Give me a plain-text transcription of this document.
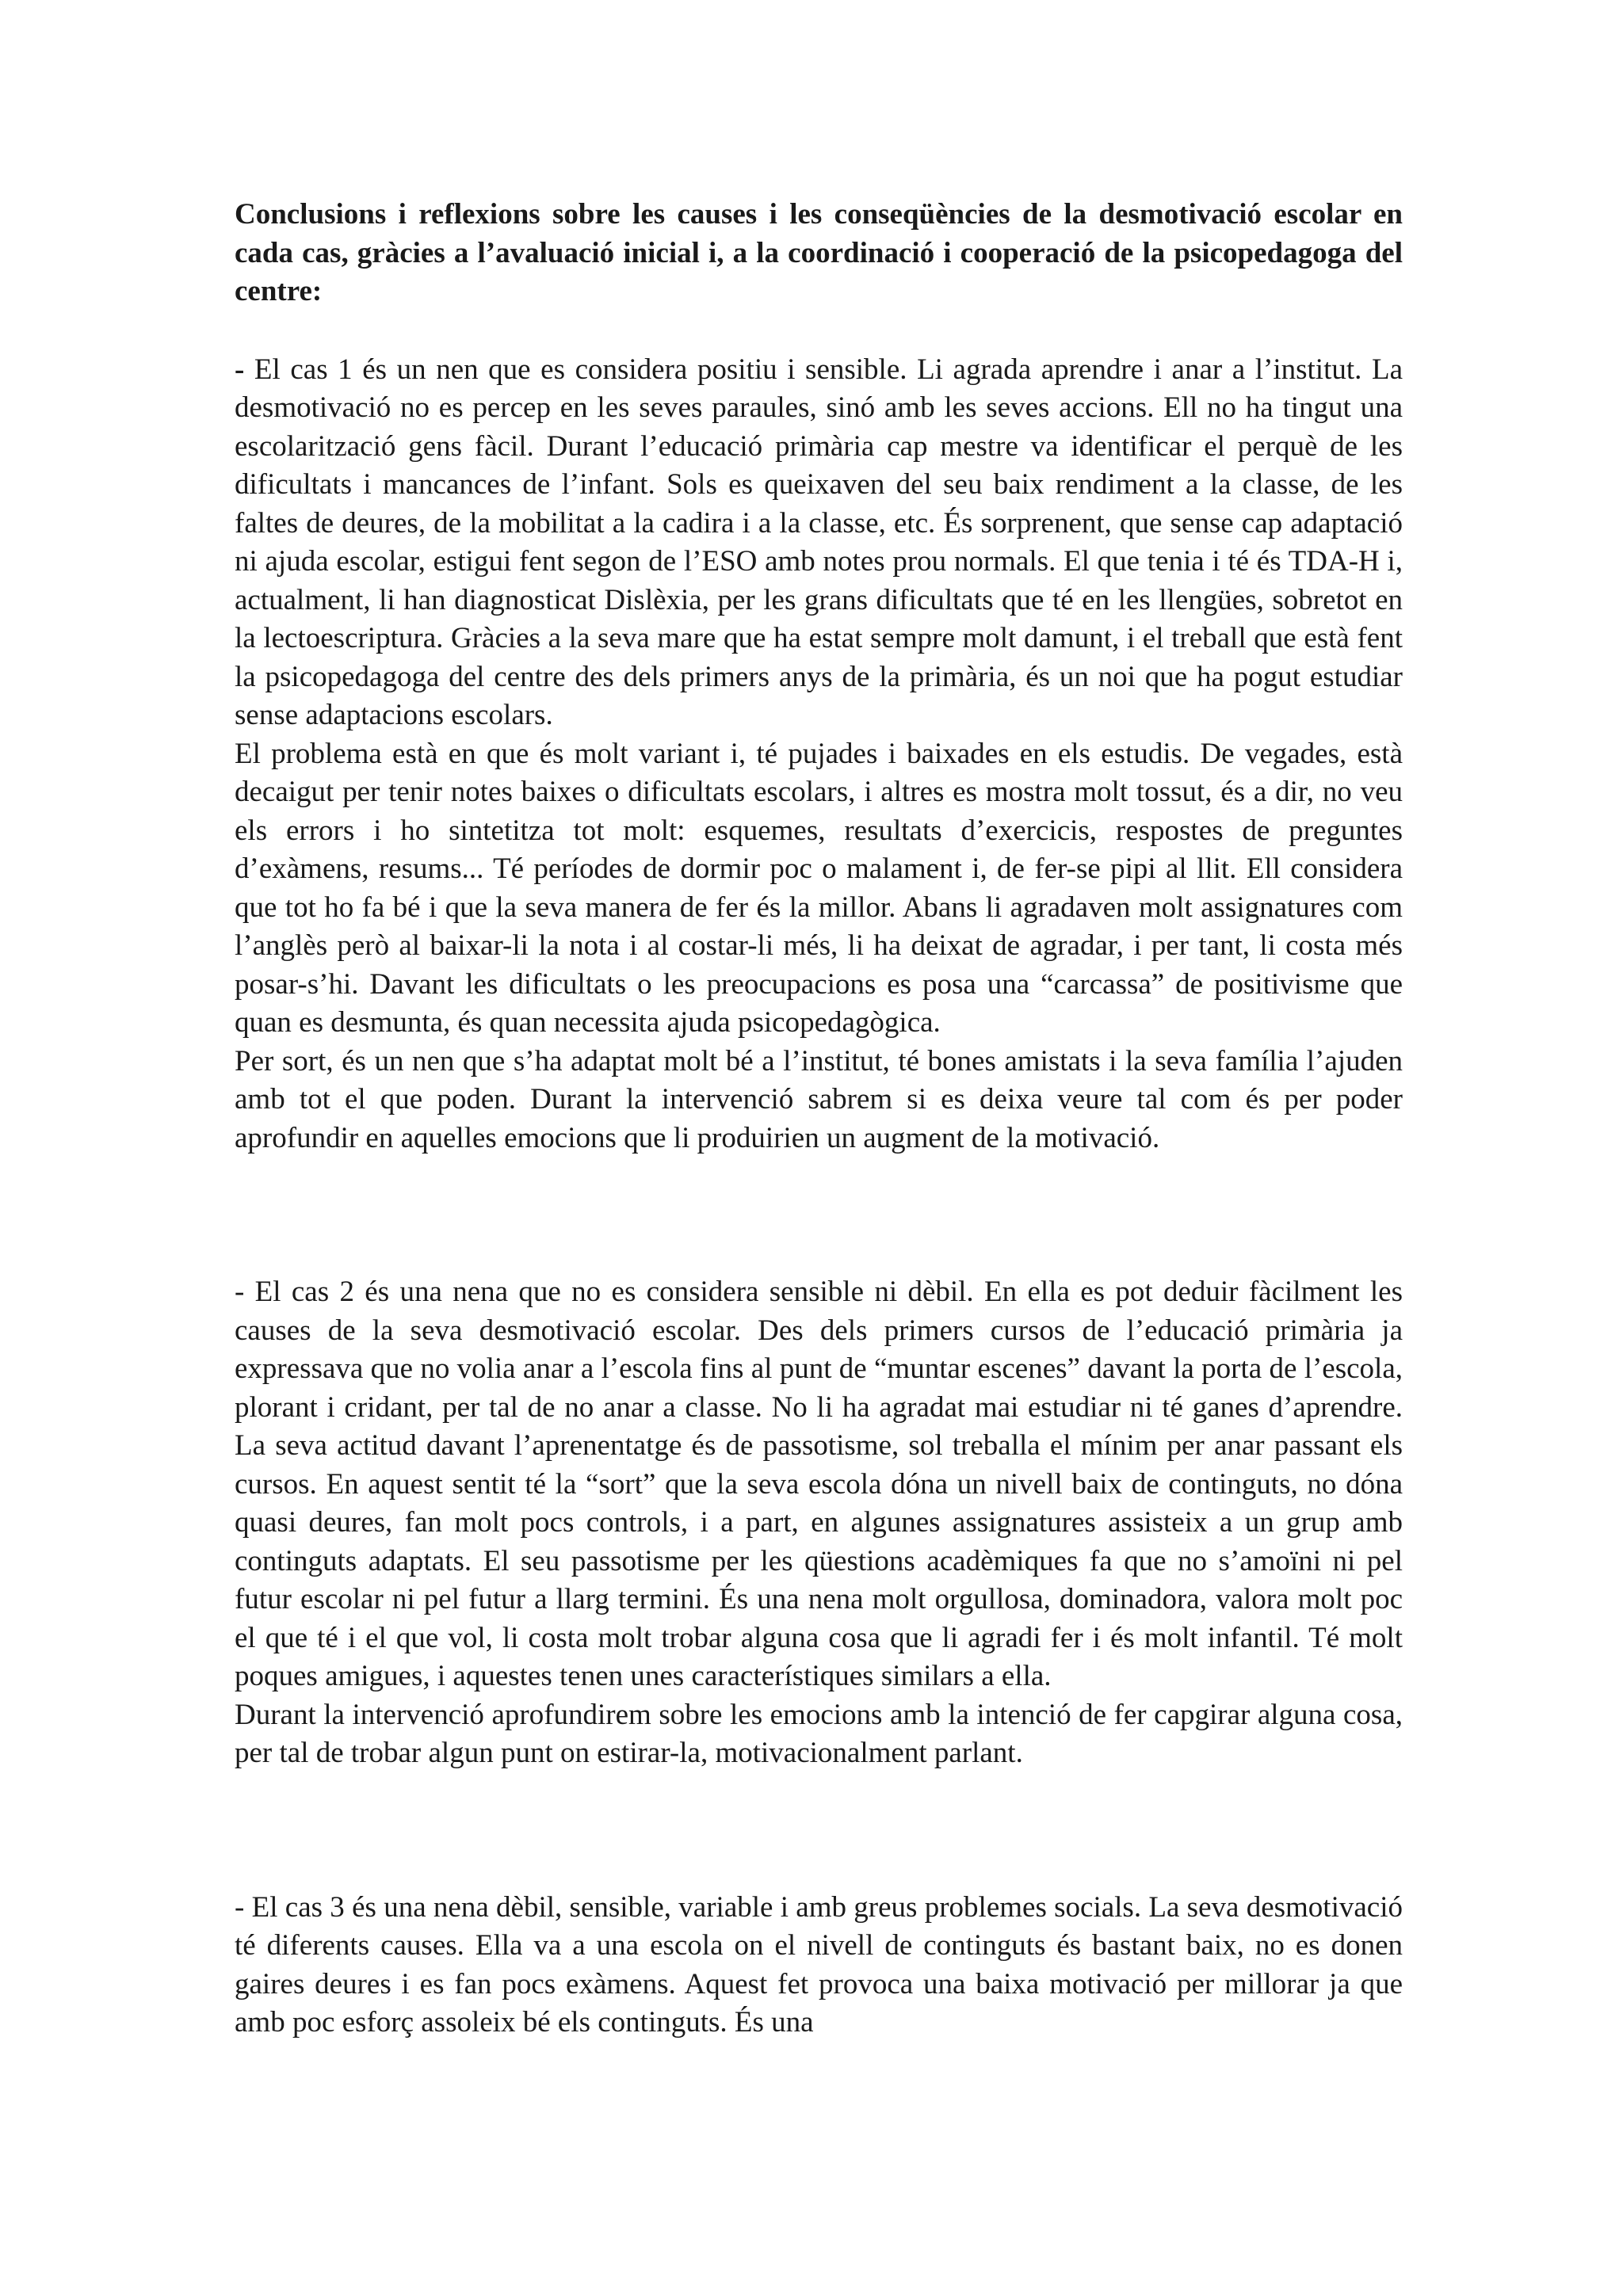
Conclusions i reflexions sobre les causes i les conseqüències de la desmotivació escolar en cada cas, gràcies a l’avaluació inicial i, a la coordinació i cooperació de la psicopedagoga del centre:

- El cas 1 és un nen que es considera positiu i sensible. Li agrada aprendre i anar a l’institut. La desmotivació no es percep en les seves paraules, sinó amb les seves accions. Ell no ha tingut una escolarització gens fàcil. Durant l’educació primària cap mestre va identificar el perquè de les dificultats i mancances de l’infant. Sols es queixaven del seu baix rendiment a la classe, de les faltes de deures, de la mobilitat a la cadira i a la classe, etc. És sorprenent, que sense cap adaptació ni ajuda escolar, estigui fent segon de l’ESO amb notes prou normals. El que tenia i té és TDA-H i, actualment, li han diagnosticat Dislèxia, per les grans dificultats que té en les llengües, sobretot en la lectoescriptura. Gràcies a la seva mare que ha estat sempre molt damunt, i el treball que està fent la psicopedagoga del centre des dels primers anys de la primària, és un noi que ha pogut estudiar sense adaptacions escolars.

El problema està en que és molt variant i, té pujades i baixades en els estudis. De vegades, està decaigut per tenir notes baixes o dificultats escolars, i altres es mostra molt tossut, és a dir, no veu els errors i ho sintetitza tot molt: esquemes, resultats d’exercicis, respostes de preguntes d’exàmens, resums... Té períodes de dormir poc o malament i, de fer-se pipi al llit. Ell considera que tot ho fa bé i que la seva manera de fer és la millor. Abans li agradaven molt assignatures com l’anglès però al baixar-li la nota i al costar-li més, li ha deixat de agradar, i per tant, li costa més posar-s’hi. Davant les dificultats o les preocupacions es posa una “carcassa” de positivisme que quan es desmunta, és quan necessita ajuda psicopedagògica.

Per sort, és un nen que s’ha adaptat molt bé a l’institut, té bones amistats i la seva família l’ajuden amb tot el que poden. Durant la intervenció sabrem si es deixa veure tal com és per poder aprofundir en aquelles emocions que li produirien un augment de la motivació.

- El cas 2 és una nena que no es considera sensible ni dèbil. En ella es pot deduir fàcilment les causes de la seva desmotivació escolar. Des dels primers cursos de l’educació primària ja expressava que no volia anar a l’escola fins al punt de “muntar escenes” davant la porta de l’escola, plorant i cridant, per tal de no anar a classe. No li ha agradat mai estudiar ni té ganes d’aprendre. La seva actitud davant l’aprenentatge és de passotisme, sol treballa el mínim per anar passant els cursos. En aquest sentit té la “sort” que la seva escola dóna un nivell baix de continguts, no dóna quasi deures, fan molt pocs controls, i a part, en algunes assignatures assisteix a un grup amb continguts adaptats. El seu passotisme per les qüestions acadèmiques fa que no s’amoïni ni pel futur escolar ni pel futur a llarg termini. És una nena molt orgullosa, dominadora, valora molt poc el que té i el que vol, li costa molt trobar alguna cosa que li agradi fer i és molt infantil. Té molt poques amigues, i aquestes tenen unes característiques similars a ella.

Durant la intervenció aprofundirem sobre les emocions amb la intenció de fer capgirar alguna cosa, per tal de trobar algun punt on estirar-la, motivacionalment parlant.

- El cas 3 és una nena dèbil, sensible, variable i amb greus problemes socials. La seva desmotivació té diferents causes. Ella va a una escola on el nivell de continguts és bastant baix, no es donen gaires deures i es fan pocs exàmens. Aquest fet provoca una baixa motivació per millorar ja que amb poc esforç assoleix bé els continguts. És una
